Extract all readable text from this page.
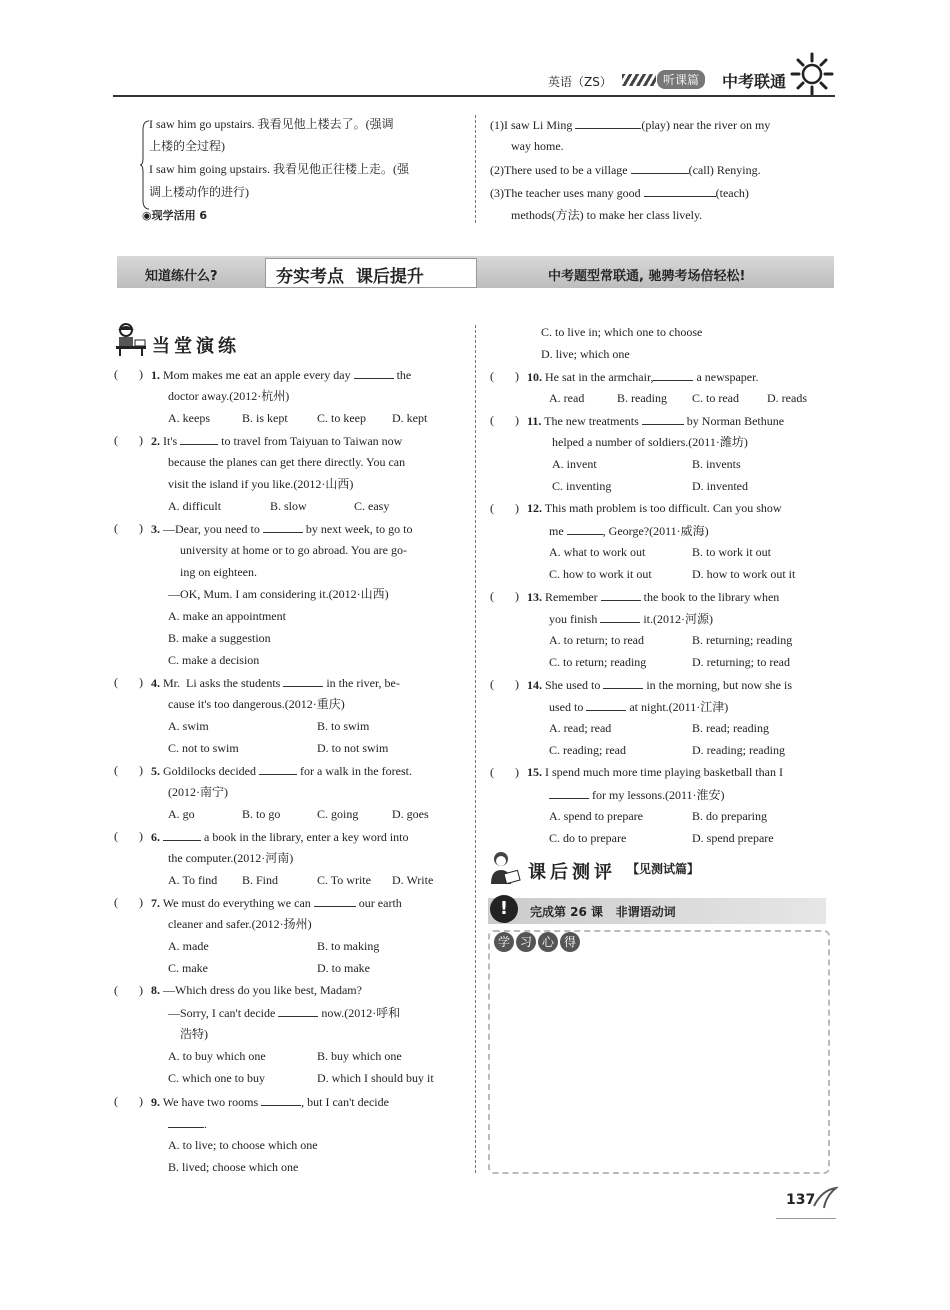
英语（ZS）	听课篇	中考联通
I saw him go upstairs. 我看见他上楼去了。(强调
上楼的全过程)
I saw him going upstairs. 我看见他正往楼上走。(强
调上楼动作的进行)
◉现学活用 6
(1)I saw Li Ming	(play) near the river on my
way home.
(2)There used to be a village	(call) Renying.
(3)The teacher uses many good	(teach)
methods(方法) to make her class lively.
知道练什么?	夯实考点  课后提升	中考题型常联通, 驰骋考场倍轻松!
当堂演练
(       ) 1. Mom makes me eat an apple every day	the
doctor away.(2012·杭州)
A. keeps	B. is kept C. to keep D. kept
(       ) 2. It's	to travel from Taiyuan to Taiwan now
because the planes can get there directly. You can
visit the island if you like.(2012·山西)
A. difficult	B. slow	C. easy
(       ) 3. —Dear, you need to	by next week, to go to
university at home or to go abroad. You are go-
ing on eighteen.
—OK, Mum. I am considering it.(2012·山西)
A. make an appointment
B. make a suggestion
C. make a decision
(       ) 4. Mr.  Li asks the students	in the river, be-
cause it's too dangerous.(2012·重庆)
A. swim	B. to swim
C. not to swim	D. to not swim
(       ) 5. Goldilocks decided	for a walk in the forest.
(2012·南宁)
A. go	B. to go	C. going	D. goes
(       ) 6.	a book in the library, enter a key word into
the computer.(2012·河南)
A. To find B. Find	C. To write D. Write
(       ) 7. We must do everything we can	our earth
cleaner and safer.(2012·扬州)
A. made	B. to making
C. make	D. to make
(       ) 8. —Which dress do you like best, Madam?
—Sorry, I can't decide	now.(2012·呼和
浩特)
A. to buy which one	B. buy which one
C. which one to buy	D. which I should buy it
(       ) 9. We have two rooms	, but I can't decide
.
A. to live; to choose which one
B. lived; choose which one
C. to live in; which one to choose
D. live; which one
(       ) 10. He sat in the armchair,	a newspaper.
A. read	B. reading C. to read D. reads
(       ) 11. The new treatments	by Norman Bethune
helped a number of soldiers.(2011·潍坊)
A. invent	B. invents
C. inventing	D. invented
(       ) 12. This math problem is too difficult. Can you show
me	, George?(2011·威海)
A. what to work out	B. to work it out
C. how to work it out	D. how to work out it
(       ) 13. Remember	the book to the library when
you finish	it.(2012·河源)
A. to return; to read	B. returning; reading
C. to return; reading	D. returning; to read
(       ) 14. She used to	in the morning, but now she is
used to	at night.(2011·江津)
A. read; read	B. read; reading
C. reading; read	D. reading; reading
(       ) 15. I spend much more time playing basketball than I
for my lessons.(2011·淮安)
A. spend to prepare	B. do preparing
C. do to prepare	D. spend prepare
课后测评 【见测试篇】
!	完成第 26 课   非谓语动词
学 习 心 得
137
